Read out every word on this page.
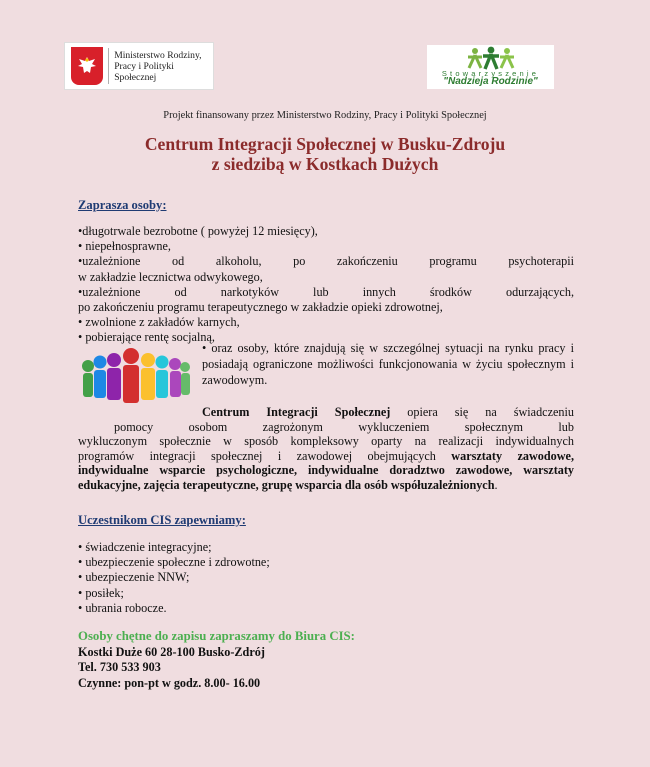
Ministerstwo Rodziny,
Pracy i Polityki Społecznej	Stowarzyszenie
"Nadzieja Rodzinie"
Projekt finansowany przez Ministerstwo Rodziny, Pracy i Polityki Społecznej
Centrum Integracji Społecznej w Busku-Zdroju
z siedzibą w Kostkach Dużych
Zaprasza osoby:
•długotrwale bezrobotne ( powyżej 12 miesięcy),
• niepełnosprawne,
•uzależnione od alkoholu, po zakończeniu programu psychoterapii
w zakładzie lecznictwa odwykowego,
•uzależnione od narkotyków lub innych środków odurzających,
po zakończeniu programu terapeutycznego w zakładzie opieki zdrowotnej,
• zwolnione z zakładów karnych,
• pobierające rentę socjalną,
• oraz osoby, które znajdują się w szczególnej sytuacji na rynku pracy i posiadają ograniczone możliwości funkcjonowania w życiu społecznym i zawodowym.
Centrum Integracji Społecznej opiera się na świadczeniu
pomocy osobom zagrożonym wykluczeniem społecznym lub
wykluczonym społecznie w sposób kompleksowy oparty na realizacji indywidualnych
programów integracji społecznej i zawodowej obejmujących warsztaty zawodowe,
indywidualne wsparcie psychologiczne, indywidualne doradztwo zawodowe, warsztaty edukacyjne, zajęcia terapeutyczne, grupę wsparcia dla osób współuzależnionych.
Uczestnikom CIS zapewniamy:
• świadczenie integracyjne;
• ubezpieczenie społeczne i zdrowotne;
• ubezpieczenie NNW;
• posiłek;
• ubrania robocze.
Osoby chętne do zapisu zapraszamy do Biura CIS:
Kostki Duże 60 28-100 Busko-Zdrój
Tel. 730 533 903
Czynne: pon-pt w godz. 8.00- 16.00
